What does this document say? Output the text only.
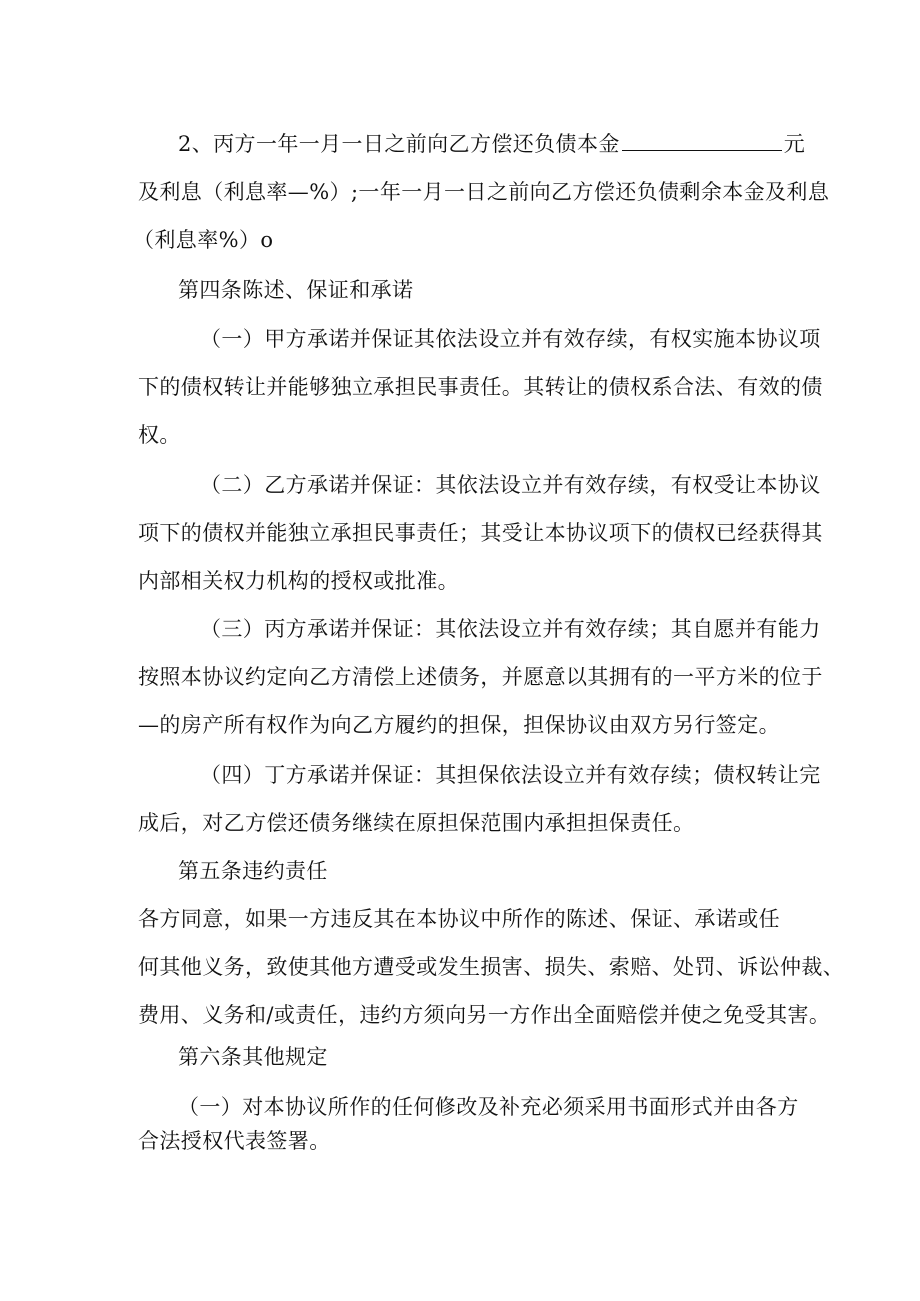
2、丙方一年一月一日之前向乙方偿还负债本金	元
及利息（利息率—%）;一年一月一日之前向乙方偿还负债剩余本金及利息
（利息率%）o
第四条陈述、保证和承诺
（一）甲方承诺并保证其依法设立并有效存续，有权实施本协议项
下的债权转让并能够独立承担民事责任。其转让的债权系合法、有效的债
权。
（二）乙方承诺并保证：其依法设立并有效存续，有权受让本协议
项下的债权并能独立承担民事责任；其受让本协议项下的债权已经获得其
内部相关权力机构的授权或批准。
（三）丙方承诺并保证：其依法设立并有效存续；其自愿并有能力
按照本协议约定向乙方清偿上述债务，并愿意以其拥有的一平方米的位于
—的房产所有权作为向乙方履约的担保，担保协议由双方另行签定。
（四）丁方承诺并保证：其担保依法设立并有效存续；债权转让完
成后，对乙方偿还债务继续在原担保范围内承担担保责任。
第五条违约责任
各方同意，如果一方违反其在本协议中所作的陈述、保证、承诺或任
何其他义务，致使其他方遭受或发生损害、损失、索赔、处罚、诉讼仲裁、
费用、义务和/或责任，违约方须向另一方作出全面赔偿并使之免受其害。
第六条其他规定
（一）对本协议所作的任何修改及补充必须采用书面形式并由各方
合法授权代表签署。
